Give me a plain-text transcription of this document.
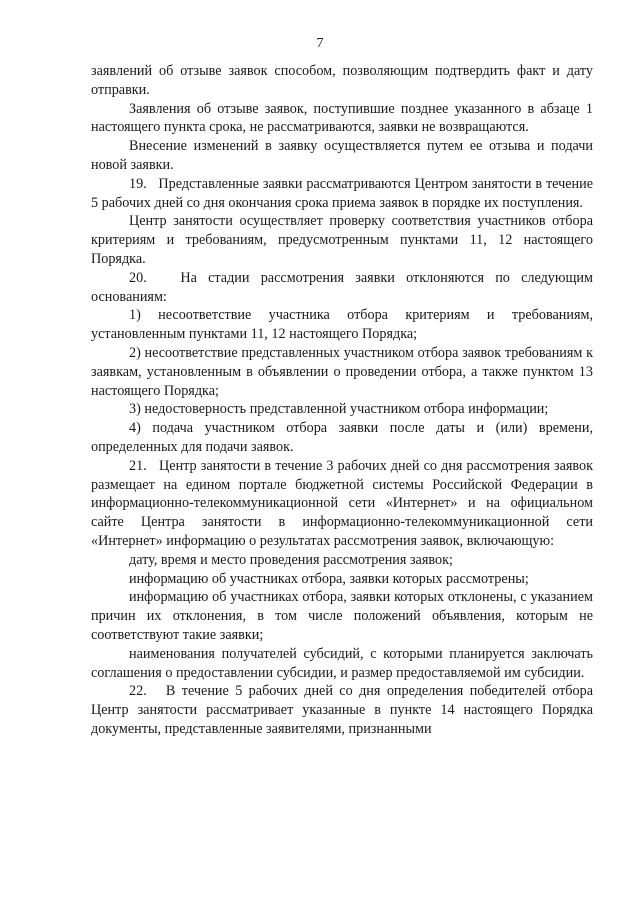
7

заявлений об отзыве заявок способом, позволяющим подтвердить факт и дату отправки.

Заявления об отзыве заявок, поступившие позднее указанного в абзаце 1 настоящего пункта срока, не рассматриваются, заявки не возвращаются.

Внесение изменений в заявку осуществляется путем ее отзыва и подачи новой заявки.

19.   Представленные заявки рассматриваются Центром занятости в течение 5 рабочих дней со дня окончания срока приема заявок в порядке их поступления.

Центр занятости осуществляет проверку соответствия участников отбора критериям и требованиям, предусмотренным пунктами 11, 12 настоящего Порядка.

20.   На стадии рассмотрения заявки отклоняются по следующим основаниям:

1) несоответствие участника отбора критериям и требованиям, установленным пунктами 11, 12 настоящего Порядка;

2) несоответствие представленных участником отбора заявок требованиям к заявкам, установленным в объявлении о проведении отбора, а также пунктом 13 настоящего Порядка;

3) недостоверность представленной участником отбора информации;

4) подача участником отбора заявки после даты и (или) времени, определенных для подачи заявок.

21.   Центр занятости в течение 3 рабочих дней со дня рассмотрения заявок размещает на едином портале бюджетной системы Российской Федерации в информационно-телекоммуникационной сети «Интернет» и на официальном сайте Центра занятости в информационно-телекоммуникационной сети «Интернет» информацию о результатах рассмотрения заявок, включающую:

дату, время и место проведения рассмотрения заявок;

информацию об участниках отбора, заявки которых рассмотрены;

информацию об участниках отбора, заявки которых отклонены, с указанием причин их отклонения, в том числе положений объявления, которым не соответствуют такие заявки;

наименования получателей субсидий, с которыми планируется заключать соглашения о предоставлении субсидии, и размер предоставляемой им субсидии.

22.   В течение 5 рабочих дней со дня определения победителей отбора Центр занятости рассматривает указанные в пункте 14 настоящего Порядка документы, представленные заявителями, признанными
